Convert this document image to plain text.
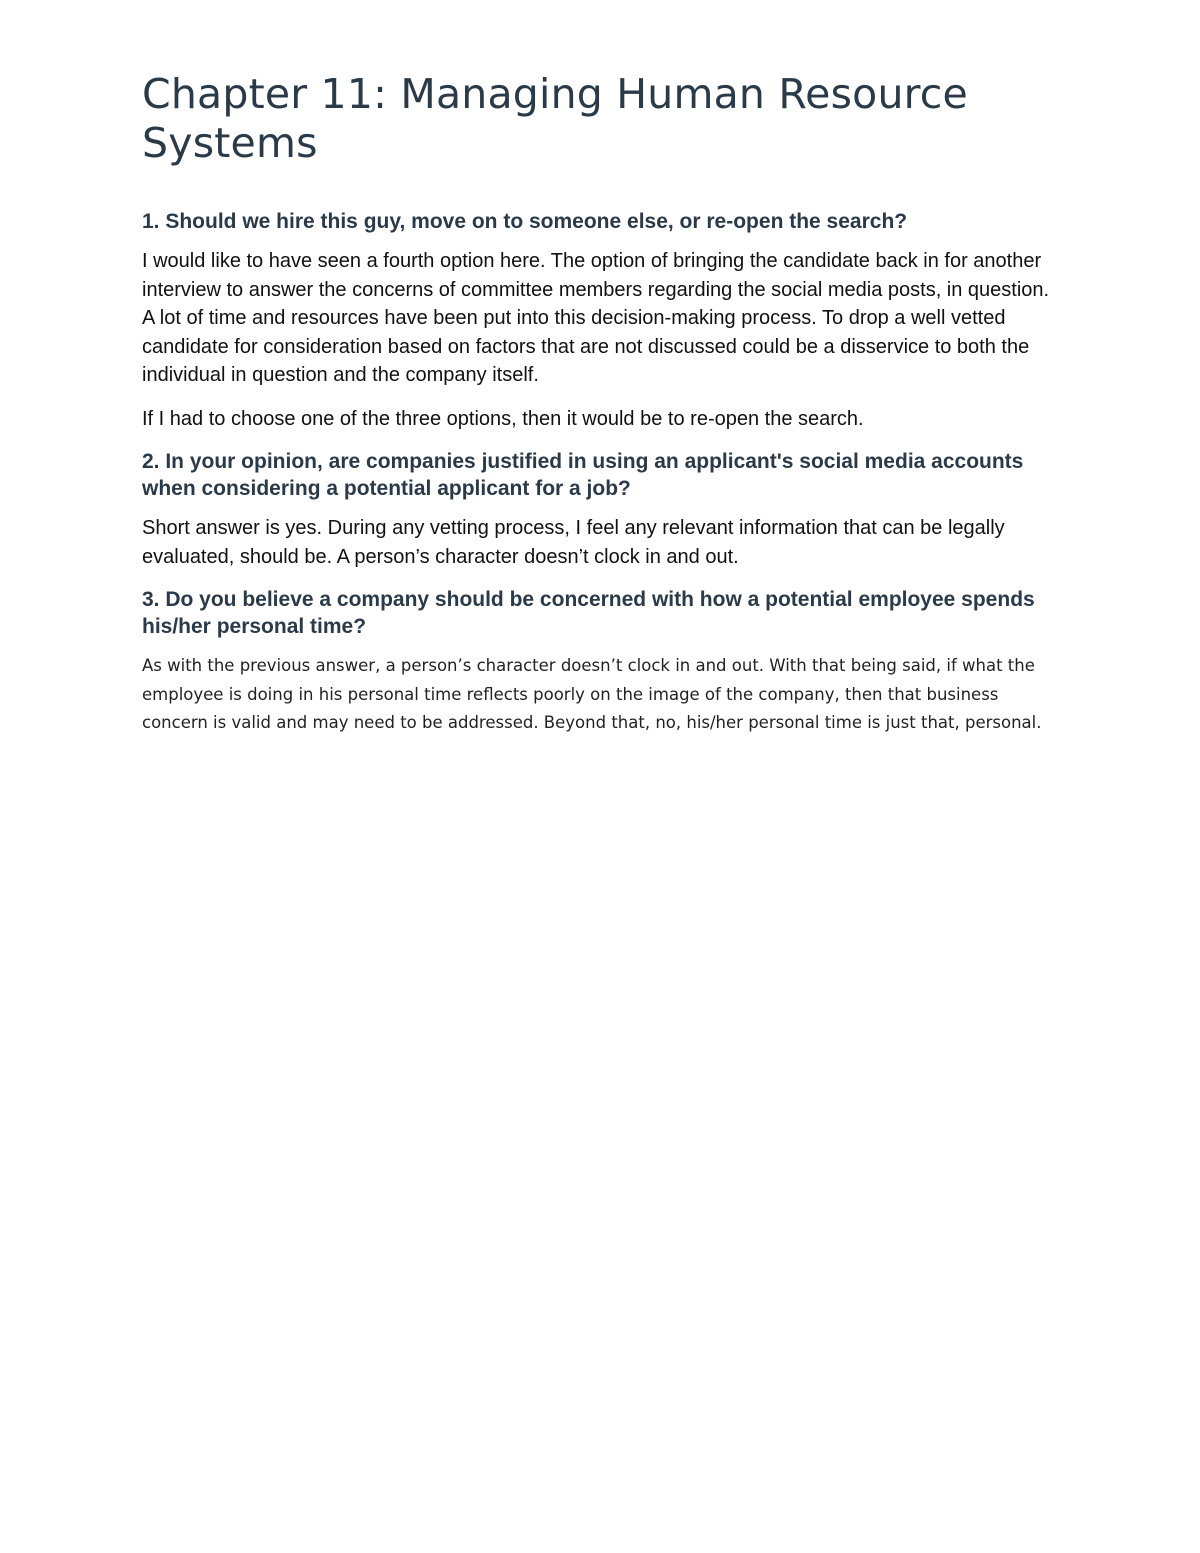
Chapter 11: Managing Human Resource Systems
1. Should we hire this guy, move on to someone else, or re-open the search?

I would like to have seen a fourth option here. The option of bringing the candidate back in for another interview to answer the concerns of committee members regarding the social media posts, in question. A lot of time and resources have been put into this decision-making process. To drop a well vetted candidate for consideration based on factors that are not discussed could be a disservice to both the individual in question and the company itself.

If I had to choose one of the three options, then it would be to re-open the search.

2. In your opinion, are companies justified in using an applicant's social media accounts when considering a potential applicant for a job?

Short answer is yes. During any vetting process, I feel any relevant information that can be legally evaluated, should be. A person’s character doesn’t clock in and out.

3. Do you believe a company should be concerned with how a potential employee spends his/her personal time?

As with the previous answer, a person’s character doesn’t clock in and out. With that being said, if what the employee is doing in his personal time reflects poorly on the image of the company, then that business concern is valid and may need to be addressed. Beyond that, no, his/her personal time is just that, personal.
